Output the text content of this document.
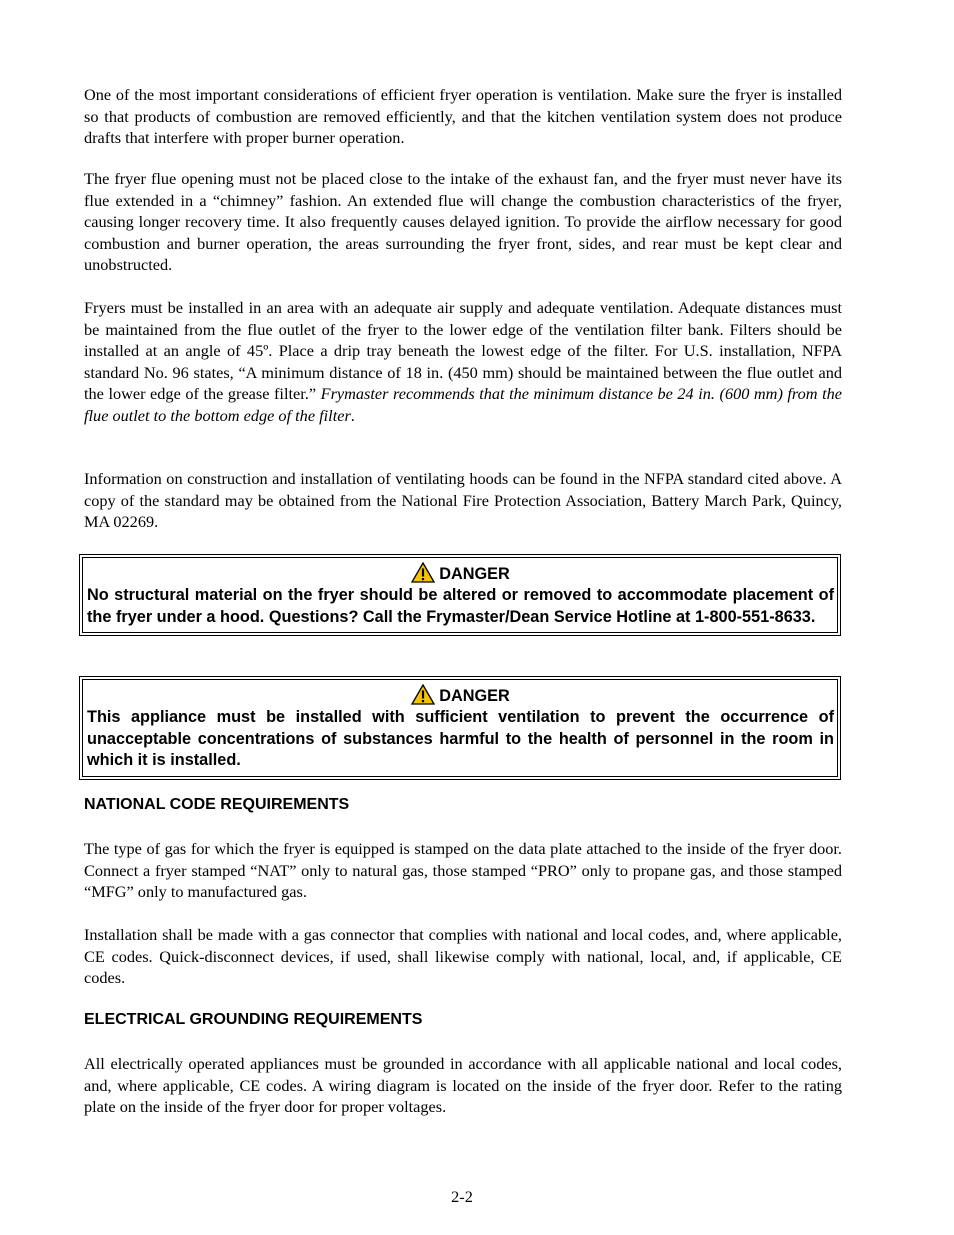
One of the most important considerations of efficient fryer operation is ventilation. Make sure the fryer is installed so that products of combustion are removed efficiently, and that the kitchen ventilation system does not produce drafts that interfere with proper burner operation.

The fryer flue opening must not be placed close to the intake of the exhaust fan, and the fryer must never have its flue extended in a “chimney” fashion. An extended flue will change the combustion characteristics of the fryer, causing longer recovery time. It also frequently causes delayed ignition. To provide the airflow necessary for good combustion and burner operation, the areas surrounding the fryer front, sides, and rear must be kept clear and unobstructed.

Fryers must be installed in an area with an adequate air supply and adequate ventilation. Adequate distances must be maintained from the flue outlet of the fryer to the lower edge of the ventilation filter bank. Filters should be installed at an angle of 45º. Place a drip tray beneath the lowest edge of the filter. For U.S. installation, NFPA standard No. 96 states, “A minimum distance of 18 in. (450 mm) should be maintained between the flue outlet and the lower edge of the grease filter.” Frymaster recommends that the minimum distance be 24 in. (600 mm) from the flue outlet to the bottom edge of the filter.

Information on construction and installation of ventilating hoods can be found in the NFPA standard cited above. A copy of the standard may be obtained from the National Fire Protection Association, Battery March Park, Quincy, MA 02269.

DANGER
No structural material on the fryer should be altered or removed to accommodate placement of the fryer under a hood. Questions? Call the Frymaster/Dean Service Hotline at 1-800-551-8633.
DANGER
This appliance must be installed with sufficient ventilation to prevent the occurrence of unacceptable concentrations of substances harmful to the health of personnel in the room in which it is installed.
NATIONAL CODE REQUIREMENTS

The type of gas for which the fryer is equipped is stamped on the data plate attached to the inside of the fryer door. Connect a fryer stamped “NAT” only to natural gas, those stamped “PRO” only to propane gas, and those stamped “MFG” only to manufactured gas.

Installation shall be made with a gas connector that complies with national and local codes, and, where applicable, CE codes. Quick-disconnect devices, if used, shall likewise comply with national, local, and, if applicable, CE codes.

ELECTRICAL GROUNDING REQUIREMENTS

All electrically operated appliances must be grounded in accordance with all applicable national and local codes, and, where applicable, CE codes. A wiring diagram is located on the inside of the fryer door. Refer to the rating plate on the inside of the fryer door for proper voltages.

2-2
